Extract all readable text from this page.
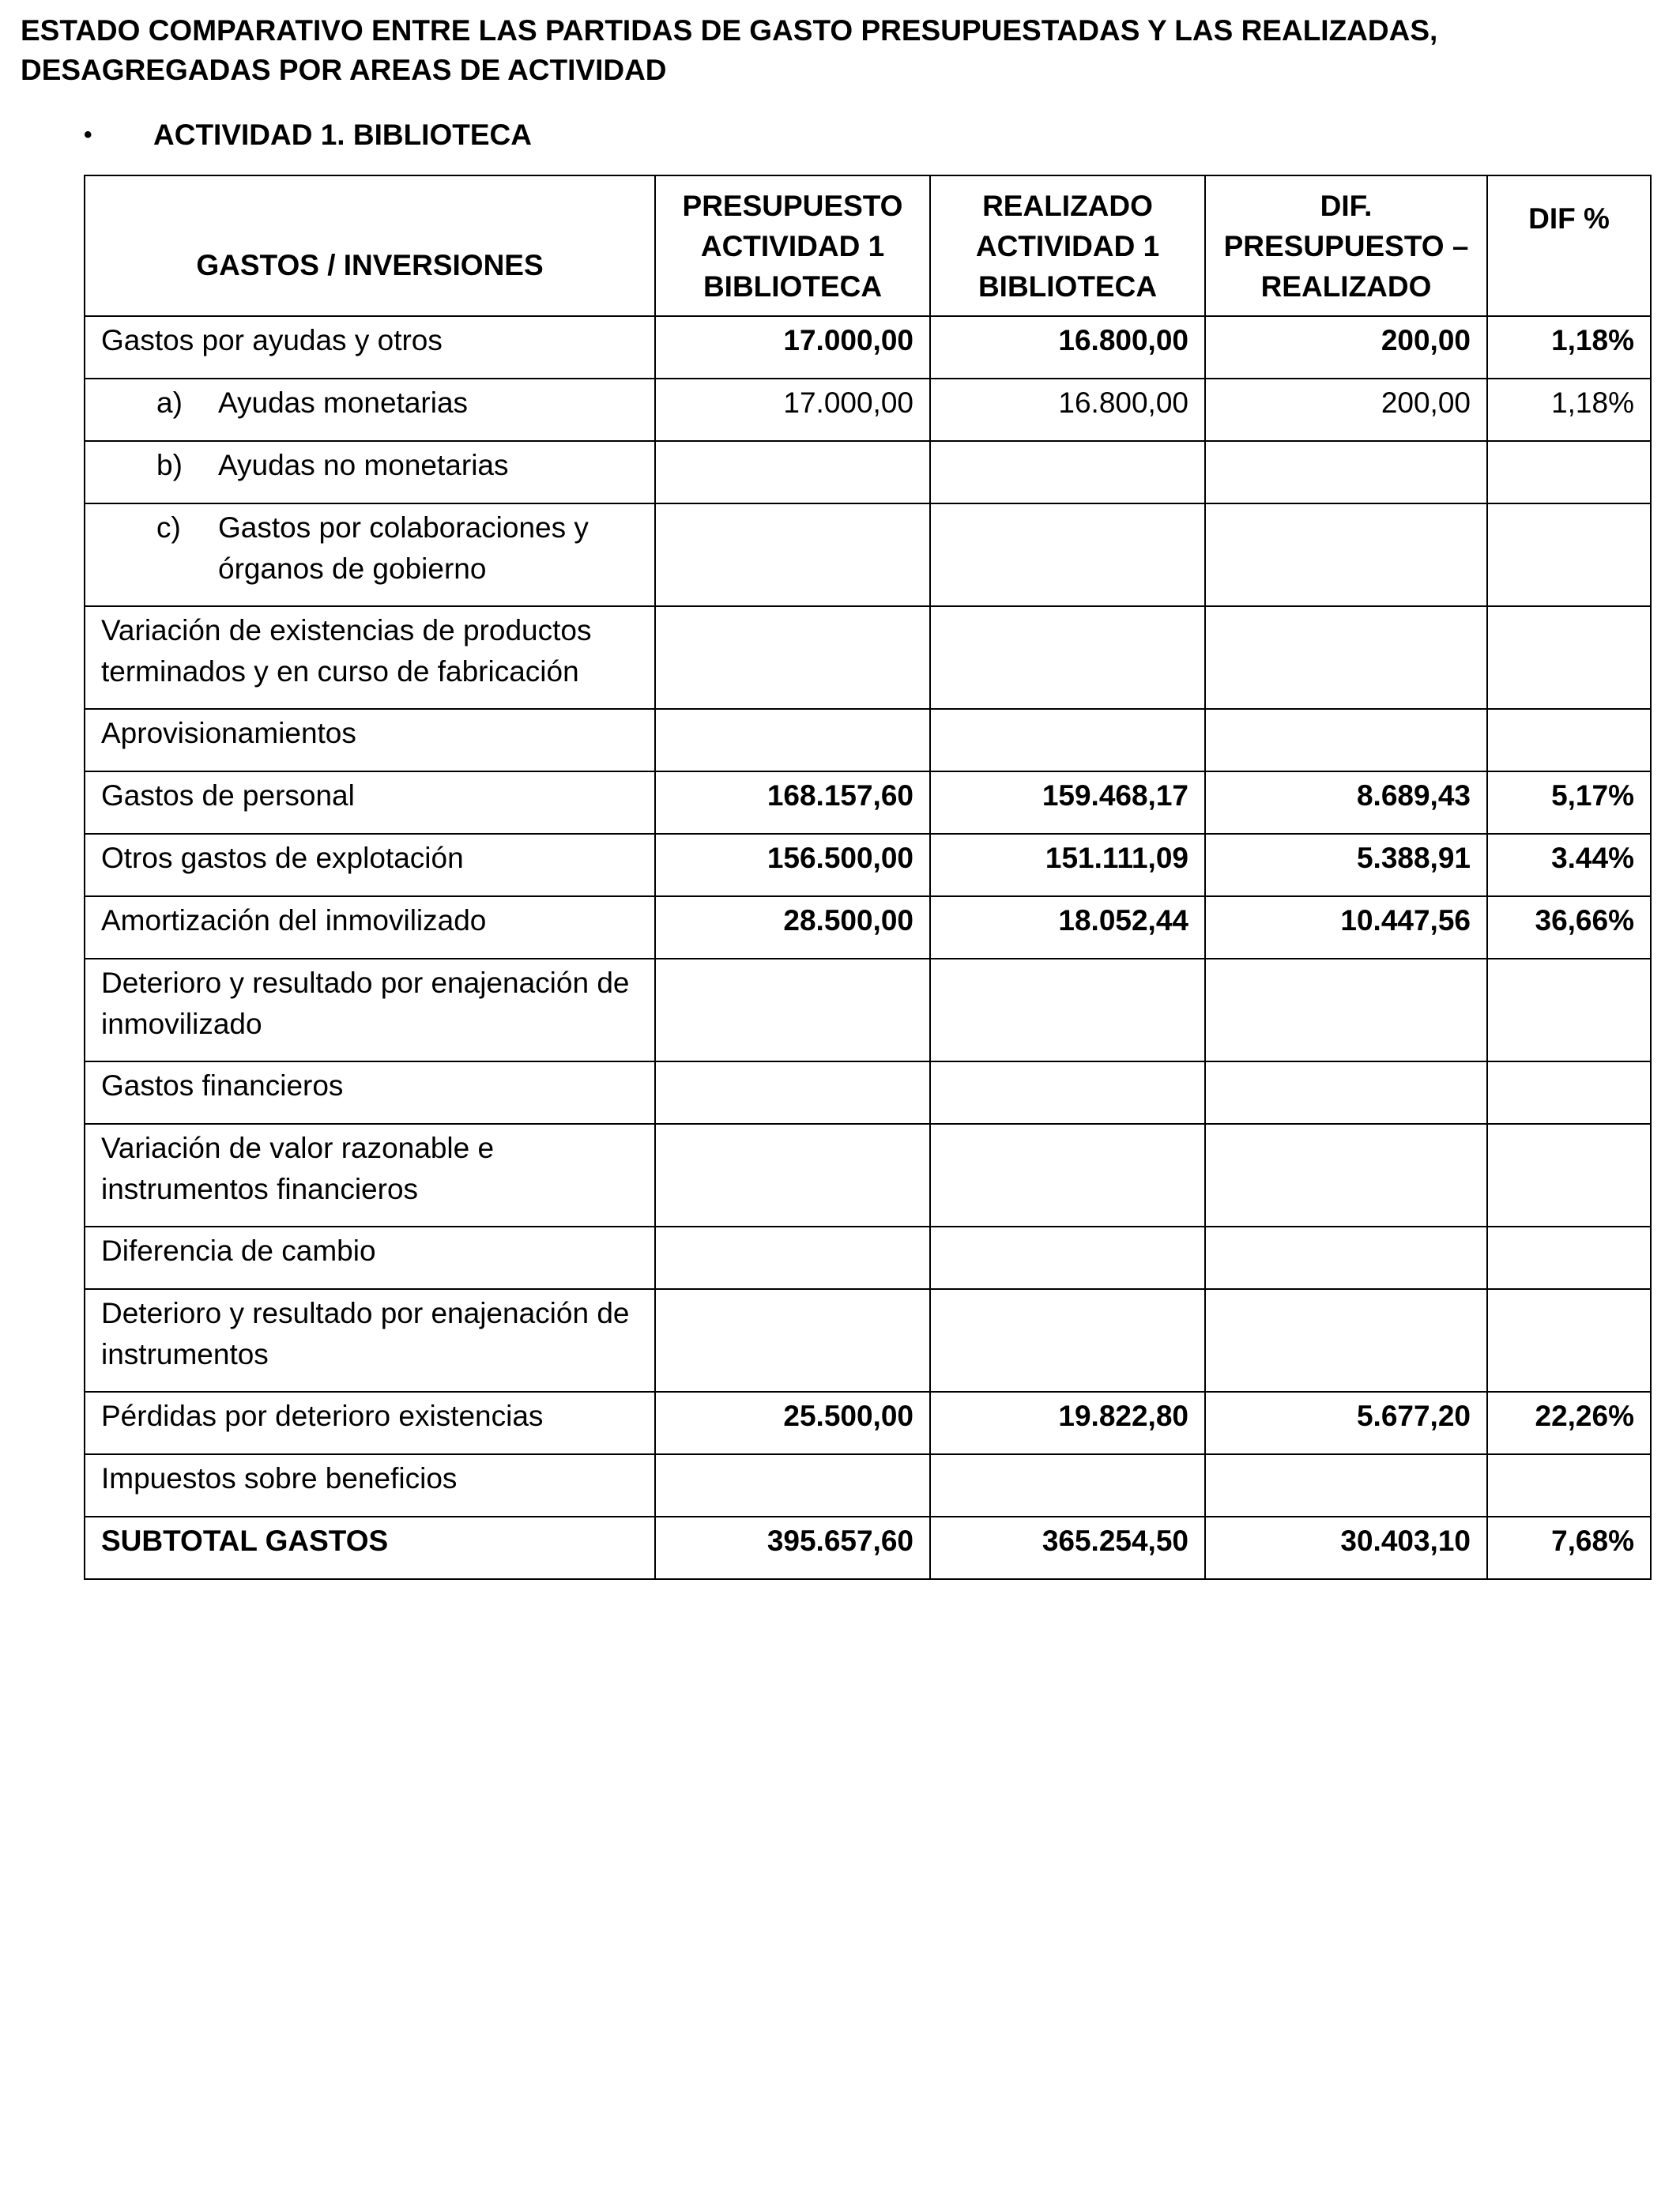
ESTADO COMPARATIVO ENTRE LAS PARTIDAS DE GASTO PRESUPUESTADAS Y LAS REALIZADAS, DESAGREGADAS POR AREAS DE ACTIVIDAD
•	ACTIVIDAD 1. BIBLIOTECA
GASTOS / INVERSIONES	PRESUPUESTO ACTIVIDAD 1 BIBLIOTECA	REALIZADO ACTIVIDAD 1 BIBLIOTECA	DIF. PRESUPUESTO – REALIZADO	DIF %
Gastos por ayudas y otros	17.000,00	16.800,00	200,00	1,18%

a) Ayudas monetarias	17.000,00	16.800,00	200,00	1,18%

b) Ayudas no monetarias				

c) Gastos por colaboraciones y órganos de gobierno				

Variación de existencias de productos terminados y en curso de fabricación				
Aprovisionamientos				
Gastos de personal	168.157,60	159.468,17	8.689,43	5,17%
Otros gastos de explotación	156.500,00	151.111,09	5.388,91	3.44%
Amortización del inmovilizado	28.500,00	18.052,44	10.447,56	36,66%
Deterioro y resultado por enajenación de inmovilizado				
Gastos financieros				
Variación de valor razonable e instrumentos financieros				
Diferencia de cambio				
Deterioro y resultado por enajenación de instrumentos				
Pérdidas por deterioro existencias	25.500,00	19.822,80	5.677,20	22,26%
Impuestos sobre beneficios				
SUBTOTAL GASTOS	395.657,60	365.254,50	30.403,10	7,68%
